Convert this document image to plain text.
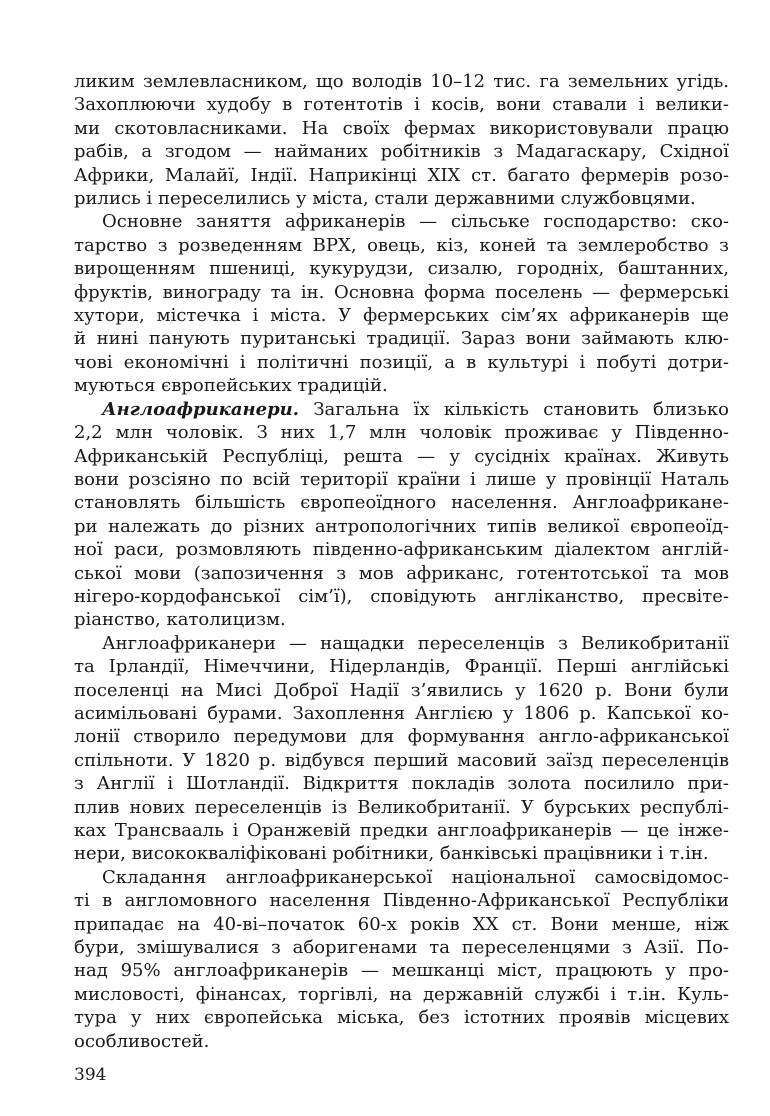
ликим землевласником, що володів 10–12 тис. га земельних угідь.
Захоплюючи худобу в готентотів і косів, вони ставали і велики-
ми скотовласниками. На своїх фермах використовували працю
рабів, а згодом — найманих робітників з Мадагаскару, Східної
Африки, Малайї, Індії. Наприкінці XIX ст. багато фермерів розо-
рились і переселились у міста, стали державними службовцями.
Основне заняття африканерів — сільське господарство: ско-
тарство з розведенням ВРХ, овець, кіз, коней та землеробство з
вирощенням пшениці, кукурудзи, сизалю, городніх, баштанних,
фруктів, винограду та ін. Основна форма поселень — фермерські
хутори, містечка і міста. У фермерських сім’ях африканерів ще
й нині панують пуританські традиції. Зараз вони займають клю-
чові економічні і політичні позиції, а в культурі і побуті дотри-
муються європейських традицій.
Англоафриканери. Загальна їх кількість становить близько
2,2 млн чоловік. З них 1,7 млн чоловік проживає у Південно-
Африканській Республіці, решта — у сусідніх країнах. Живуть
вони розсіяно по всій території країни і лише у провінції Наталь
становлять більшість європеоїдного населення. Англоафрикане-
ри належать до різних антропологічних типів великої європеоїд-
ної раси, розмовляють південно-африканським діалектом англій-
ської мови (запозичення з мов африканс, готентотської та мов
нігеро-кордофанської сім’ї), сповідують англіканство, пресвіте-
ріанство, католицизм.
Англоафриканери — нащадки переселенців з Великобританії
та Ірландії, Німеччини, Нідерландів, Франції. Перші англійські
поселенці на Мисі Доброї Надії з’явились у 1620 р. Вони були
асимільовані бурами. Захоплення Англією у 1806 р. Капської ко-
лонії створило передумови для формування англо-африканської
спільноти. У 1820 р. відбувся перший масовий заїзд переселенців
з Англії і Шотландії. Відкриття покладів золота посилило при-
плив нових переселенців із Великобританії. У бурських республі-
ках Трансвааль і Оранжевій предки англоафриканерів — це інже-
нери, висококваліфіковані робітники, банківські працівники і т.ін.
Складання англоафриканерської національної самосвідомос-
ті в англомовного населення Південно-Африканської Республіки
припадає на 40-ві–початок 60-х років XX ст. Вони менше, ніж
бури, змішувалися з аборигенами та переселенцями з Азії. По-
над 95% англоафриканерів — мешканці міст, працюють у про-
мисловості, фінансах, торгівлі, на державній службі і т.ін. Куль-
тура у них європейська міська, без істотних проявів місцевих
особливостей.
394
